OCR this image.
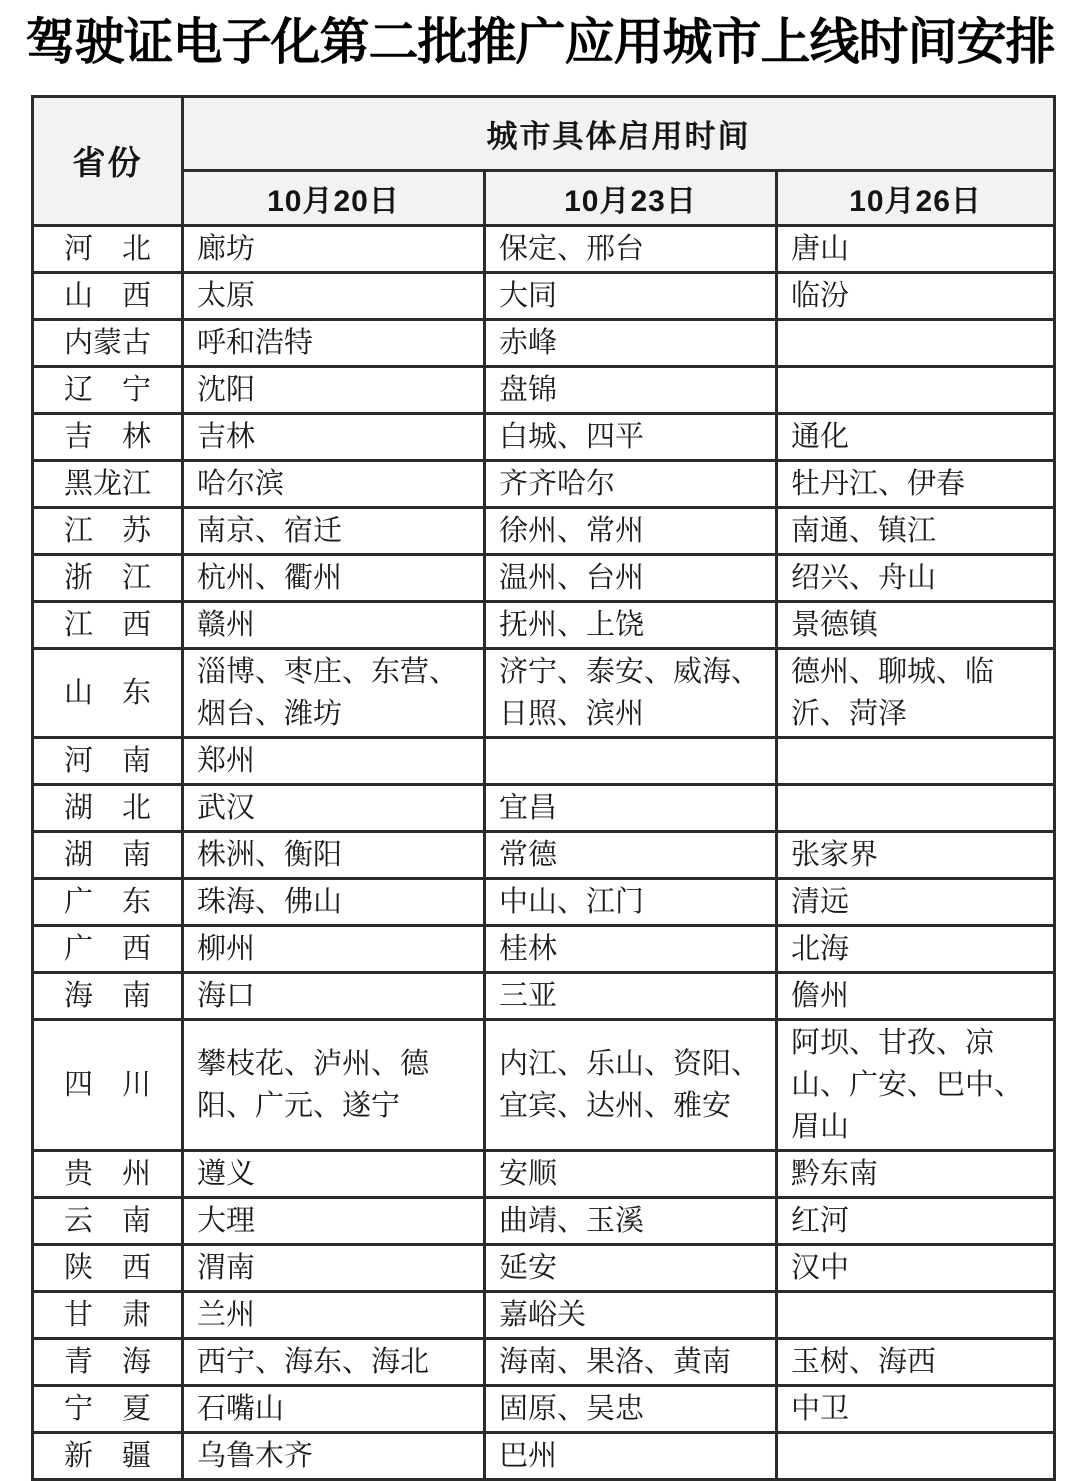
驾驶证电子化第二批推广应用城市上线时间安排
省份	城市具体启用时间		
	10月20日	10月23日	10月26日
河　北	廊坊	保定、邢台	唐山
山　西	太原	大同	临汾
内蒙古	呼和浩特	赤峰	
辽　宁	沈阳	盘锦	
吉　林	吉林	白城、四平	通化
黑龙江	哈尔滨	齐齐哈尔	牡丹江、伊春
江　苏	南京、宿迁	徐州、常州	南通、镇江
浙　江	杭州、衢州	温州、台州	绍兴、舟山
江　西	赣州	抚州、上饶	景德镇
山　东	淄博、枣庄、东营、烟台、潍坊	济宁、泰安、威海、日照、滨州	德州、聊城、临沂、菏泽
河　南	郑州		
湖　北	武汉	宜昌	
湖　南	株洲、衡阳	常德	张家界
广　东	珠海、佛山	中山、江门	清远
广　西	柳州	桂林	北海
海　南	海口	三亚	儋州
四　川	攀枝花、泸州、德阳、广元、遂宁	内江、乐山、资阳、宜宾、达州、雅安	阿坝、甘孜、凉山、广安、巴中、眉山
贵　州	遵义	安顺	黔东南
云　南	大理	曲靖、玉溪	红河
陕　西	渭南	延安	汉中
甘　肃	兰州	嘉峪关	
青　海	西宁、海东、海北	海南、果洛、黄南	玉树、海西
宁　夏	石嘴山	固原、吴忠	中卫
新　疆	乌鲁木齐	巴州	
